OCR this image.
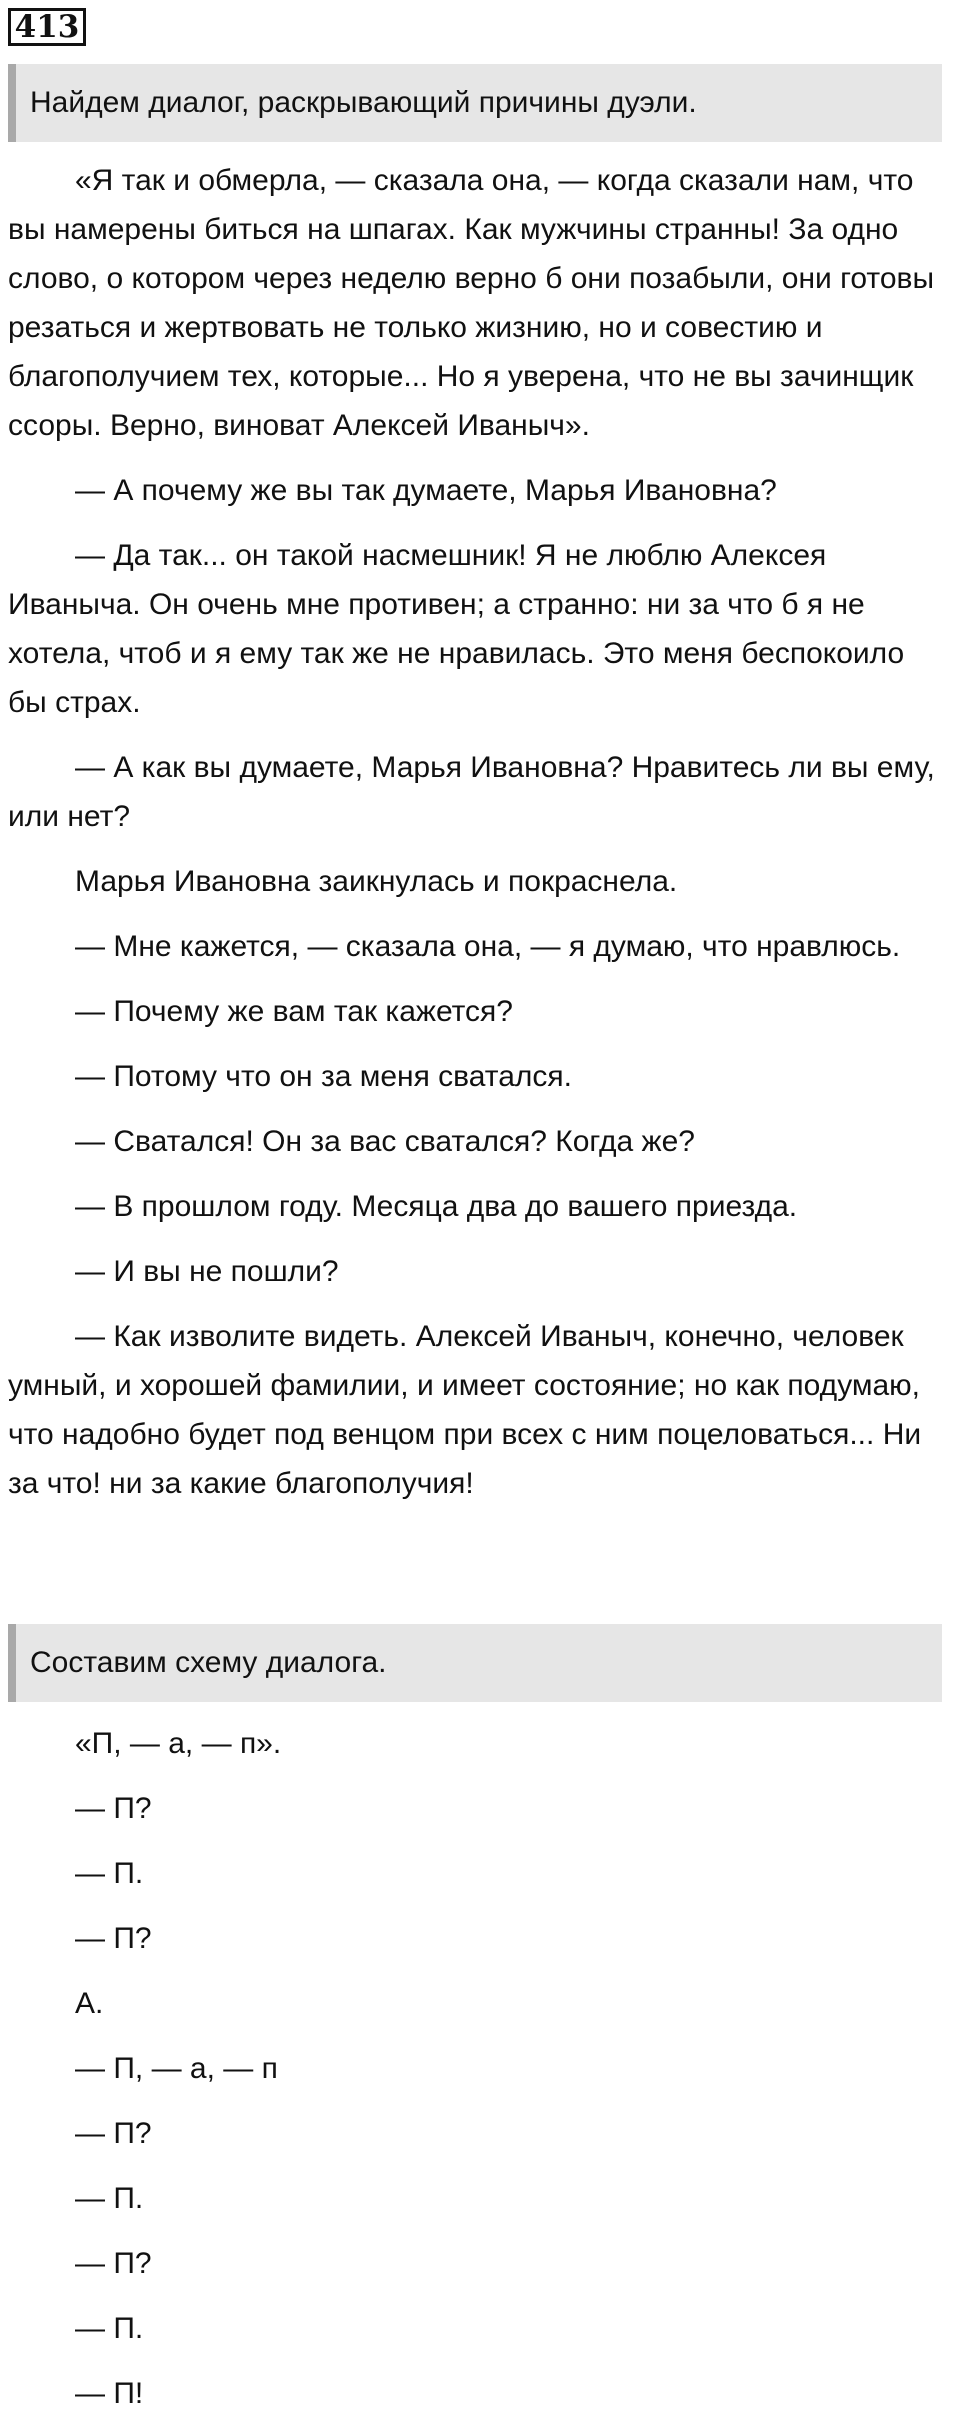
413
Найдем диалог, раскрывающий причины дуэли.

«Я так и обмерла, — сказала она, — когда сказали нам, что вы намерены биться на шпагах. Как мужчины странны! За одно слово, о котором через неделю верно б они позабыли, они готовы резаться и жертвовать не только жизнию, но и совестию и благополучием тех, которые... Но я уверена, что не вы зачинщик ссоры. Верно, виноват Алексей Иваныч».

— А почему же вы так думаете, Марья Ивановна?

— Да так... он такой насмешник! Я не люблю Алексея Иваныча. Он очень мне противен; а странно: ни за что б я не хотела, чтоб и я ему так же не нравилась. Это меня беспокоило бы страх.

— А как вы думаете, Марья Ивановна? Нравитесь ли вы ему, или нет?

Марья Ивановна заикнулась и покраснела.

— Мне кажется, — сказала она, — я думаю, что нравлюсь.

— Почему же вам так кажется?

— Потому что он за меня сватался.

— Сватался! Он за вас сватался? Когда же?

— В прошлом году. Месяца два до вашего приезда.

— И вы не пошли?

— Как изволите видеть. Алексей Иваныч, конечно, человек умный, и хорошей фамилии, и имеет состояние; но как подумаю, что надобно будет под венцом при всех с ним поцеловаться... Ни за что! ни за какие благополучия!

Составим схему диалога.

«П, — а, — п».

— П?

— П.

— П?

А.

— П, — а, — п

— П?

— П.

— П?

— П.

— П!
